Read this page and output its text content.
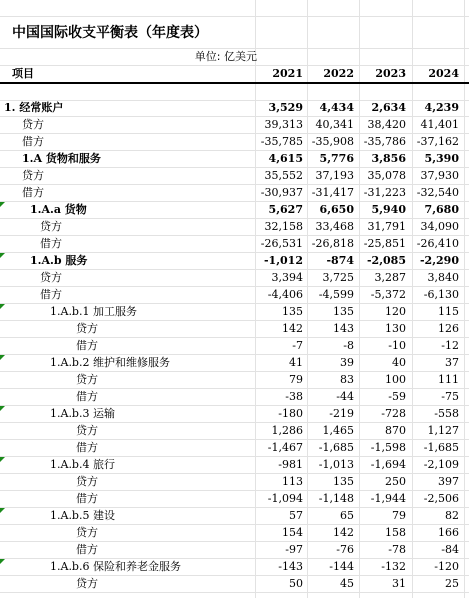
中国国际收支平衡表（年度表）
单位: 亿美元
项目	2021	2022	2023	2024
1. 经常账户	3,529	4,434	2,634	4,239
贷方	39,313	40,341	38,420	41,401
借方	-35,785 -35,908 -35,786 -37,162
1.A 货物和服务	4,615	5,776	3,856	5,390
贷方	35,552	37,193	35,078	37,930
借方	-30,937 -31,417 -31,223 -32,540
1.A.a 货物	5,627	6,650	5,940	7,680
贷方	32,158	33,468	31,791	34,090
借方	-26,531 -26,818 -25,851 -26,410
1.A.b 服务	-1,012	-874	-2,085	-2,290
贷方	3,394	3,725	3,287	3,840
借方	-4,406	-4,599	-5,372	-6,130
1.A.b.1 加工服务	135	135	120	115
贷方	142	143	130	126
借方	-7	-8	-10	-12
1.A.b.2 维护和维修服务	41	39	40	37
贷方	79	83	100	111
借方	-38	-44	-59	-75
1.A.b.3 运输	-180	-219	-728	-558
贷方	1,286	1,465	870	1,127
借方	-1,467	-1,685	-1,598	-1,685
1.A.b.4 旅行	-981	-1,013	-1,694	-2,109
贷方	113	135	250	397
借方	-1,094	-1,148	-1,944	-2,506
1.A.b.5 建设	57	65	79	82
贷方	154	142	158	166
借方	-97	-76	-78	-84
1.A.b.6 保险和养老金服务	-143	-144	-132	-120
贷方	50	45	31	25
